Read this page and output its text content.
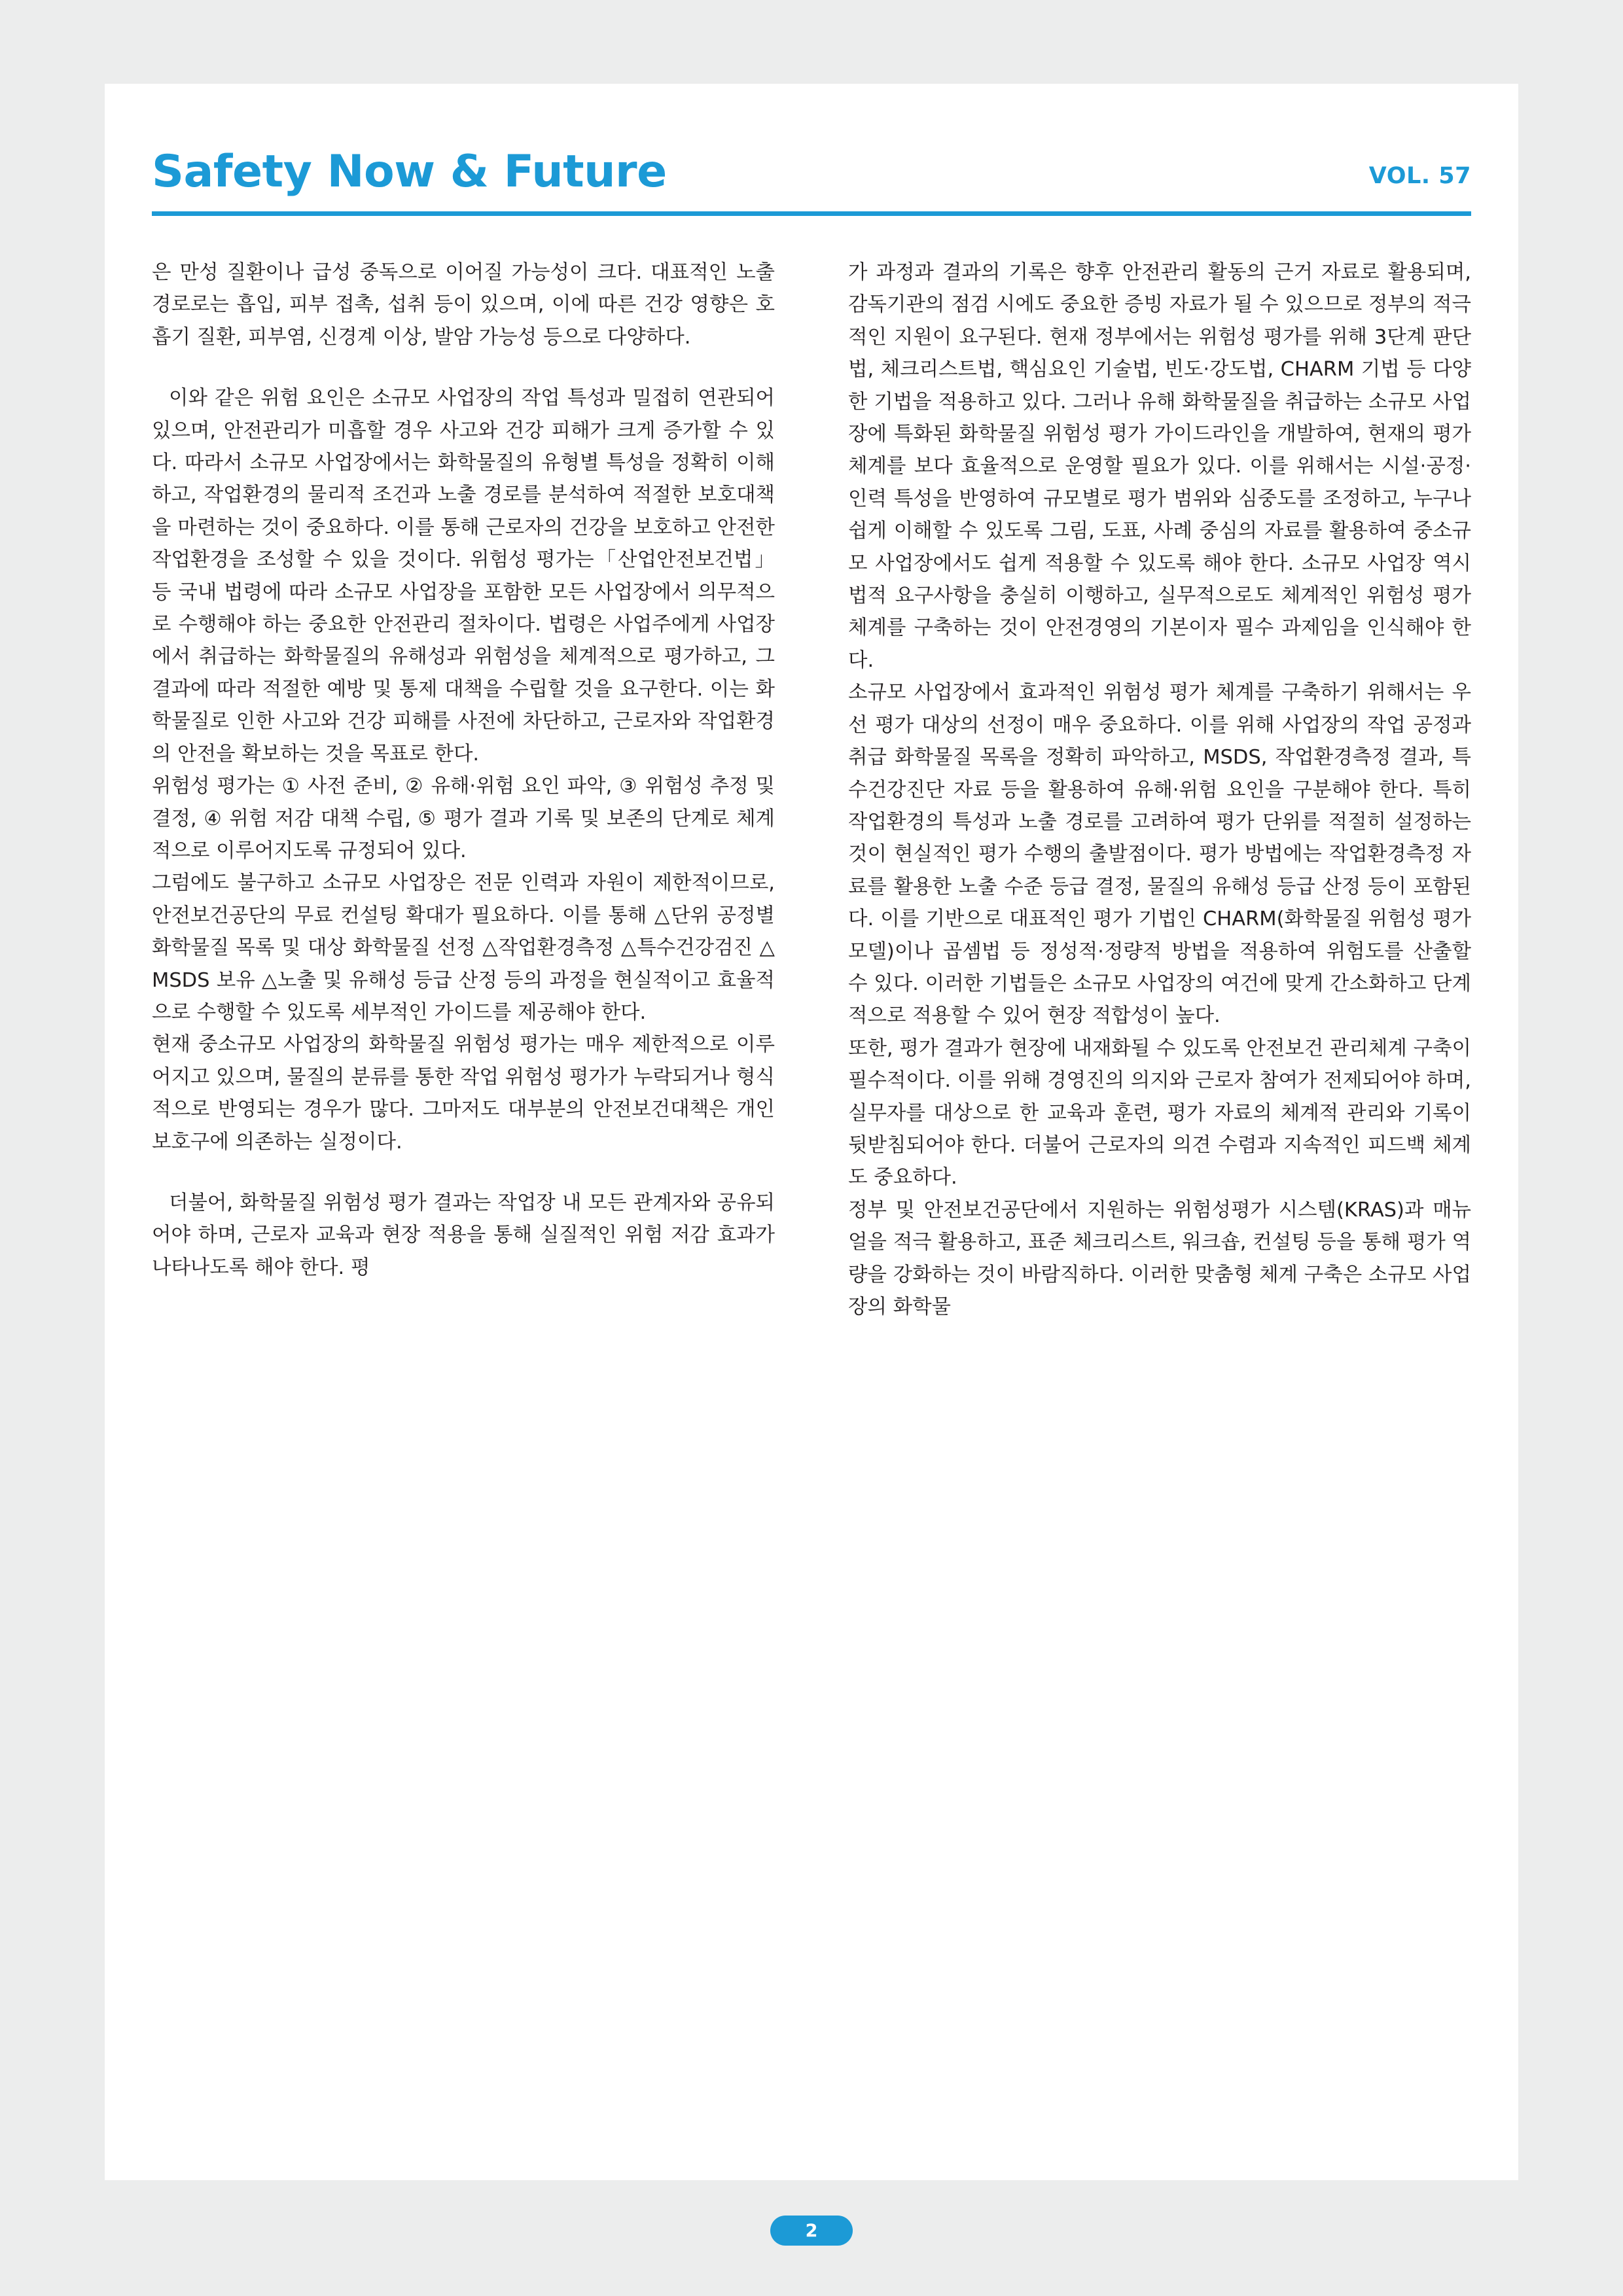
Safety Now & Future	VOL. 57

은 만성 질환이나 급성 중독으로 이어질 가능성이 크다. 대표적인 노출 경로로는 흡입, 피부 접촉, 섭취 등이 있으며, 이에 따른 건강 영향은 호흡기 질환, 피부염, 신경계 이상, 발암 가능성 등으로 다양하다.

이와 같은 위험 요인은 소규모 사업장의 작업 특성과 밀접히 연관되어 있으며, 안전관리가 미흡할 경우 사고와 건강 피해가 크게 증가할 수 있다. 따라서 소규모 사업장에서는 화학물질의 유형별 특성을 정확히 이해하고, 작업환경의 물리적 조건과 노출 경로를 분석하여 적절한 보호대책을 마련하는 것이 중요하다. 이를 통해 근로자의 건강을 보호하고 안전한 작업환경을 조성할 수 있을 것이다. 위험성 평가는「산업안전보건법」등 국내 법령에 따라 소규모 사업장을 포함한 모든 사업장에서 의무적으로 수행해야 하는 중요한 안전관리 절차이다. 법령은 사업주에게 사업장에서 취급하는 화학물질의 유해성과 위험성을 체계적으로 평가하고, 그 결과에 따라 적절한 예방 및 통제 대책을 수립할 것을 요구한다. 이는 화학물질로 인한 사고와 건강 피해를 사전에 차단하고, 근로자와 작업환경의 안전을 확보하는 것을 목표로 한다.

위험성 평가는 ① 사전 준비, ② 유해·위험 요인 파악, ③ 위험성 추정 및 결정, ④ 위험 저감 대책 수립, ⑤ 평가 결과 기록 및 보존의 단계로 체계적으로 이루어지도록 규정되어 있다.

그럼에도 불구하고 소규모 사업장은 전문 인력과 자원이 제한적이므로, 안전보건공단의 무료 컨설팅 확대가 필요하다. 이를 통해 △단위 공정별 화학물질 목록 및 대상 화학물질 선정 △작업환경측정 △특수건강검진 △MSDS 보유 △노출 및 유해성 등급 산정 등의 과정을 현실적이고 효율적으로 수행할 수 있도록 세부적인 가이드를 제공해야 한다.

현재 중소규모 사업장의 화학물질 위험성 평가는 매우 제한적으로 이루어지고 있으며, 물질의 분류를 통한 작업 위험성 평가가 누락되거나 형식적으로 반영되는 경우가 많다. 그마저도 대부분의 안전보건대책은 개인보호구에 의존하는 실정이다.

더불어, 화학물질 위험성 평가 결과는 작업장 내 모든 관계자와 공유되어야 하며, 근로자 교육과 현장 적용을 통해 실질적인 위험 저감 효과가 나타나도록 해야 한다. 평

가 과정과 결과의 기록은 향후 안전관리 활동의 근거 자료로 활용되며, 감독기관의 점검 시에도 중요한 증빙 자료가 될 수 있으므로 정부의 적극적인 지원이 요구된다. 현재 정부에서는 위험성 평가를 위해 3단계 판단법, 체크리스트법, 핵심요인 기술법, 빈도·강도법, CHARM 기법 등 다양한 기법을 적용하고 있다. 그러나 유해 화학물질을 취급하는 소규모 사업장에 특화된 화학물질 위험성 평가 가이드라인을 개발하여, 현재의 평가 체계를 보다 효율적으로 운영할 필요가 있다. 이를 위해서는 시설·공정·인력 특성을 반영하여 규모별로 평가 범위와 심중도를 조정하고, 누구나 쉽게 이해할 수 있도록 그림, 도표, 사례 중심의 자료를 활용하여 중소규모 사업장에서도 쉽게 적용할 수 있도록 해야 한다. 소규모 사업장 역시 법적 요구사항을 충실히 이행하고, 실무적으로도 체계적인 위험성 평가 체계를 구축하는 것이 안전경영의 기본이자 필수 과제임을 인식해야 한다.

소규모 사업장에서 효과적인 위험성 평가 체계를 구축하기 위해서는 우선 평가 대상의 선정이 매우 중요하다. 이를 위해 사업장의 작업 공정과 취급 화학물질 목록을 정확히 파악하고, MSDS, 작업환경측정 결과, 특수건강진단 자료 등을 활용하여 유해·위험 요인을 구분해야 한다. 특히 작업환경의 특성과 노출 경로를 고려하여 평가 단위를 적절히 설정하는 것이 현실적인 평가 수행의 출발점이다. 평가 방법에는 작업환경측정 자료를 활용한 노출 수준 등급 결정, 물질의 유해성 등급 산정 등이 포함된다. 이를 기반으로 대표적인 평가 기법인 CHARM(화학물질 위험성 평가 모델)이나 곱셈법 등 정성적·정량적 방법을 적용하여 위험도를 산출할 수 있다. 이러한 기법들은 소규모 사업장의 여건에 맞게 간소화하고 단계적으로 적용할 수 있어 현장 적합성이 높다.

또한, 평가 결과가 현장에 내재화될 수 있도록 안전보건 관리체계 구축이 필수적이다. 이를 위해 경영진의 의지와 근로자 참여가 전제되어야 하며, 실무자를 대상으로 한 교육과 훈련, 평가 자료의 체계적 관리와 기록이 뒷받침되어야 한다. 더불어 근로자의 의견 수렴과 지속적인 피드백 체계도 중요하다.

정부 및 안전보건공단에서 지원하는 위험성평가 시스템(KRAS)과 매뉴얼을 적극 활용하고, 표준 체크리스트, 워크숍, 컨설팅 등을 통해 평가 역량을 강화하는 것이 바람직하다. 이러한 맞춤형 체계 구축은 소규모 사업장의 화학물

2
